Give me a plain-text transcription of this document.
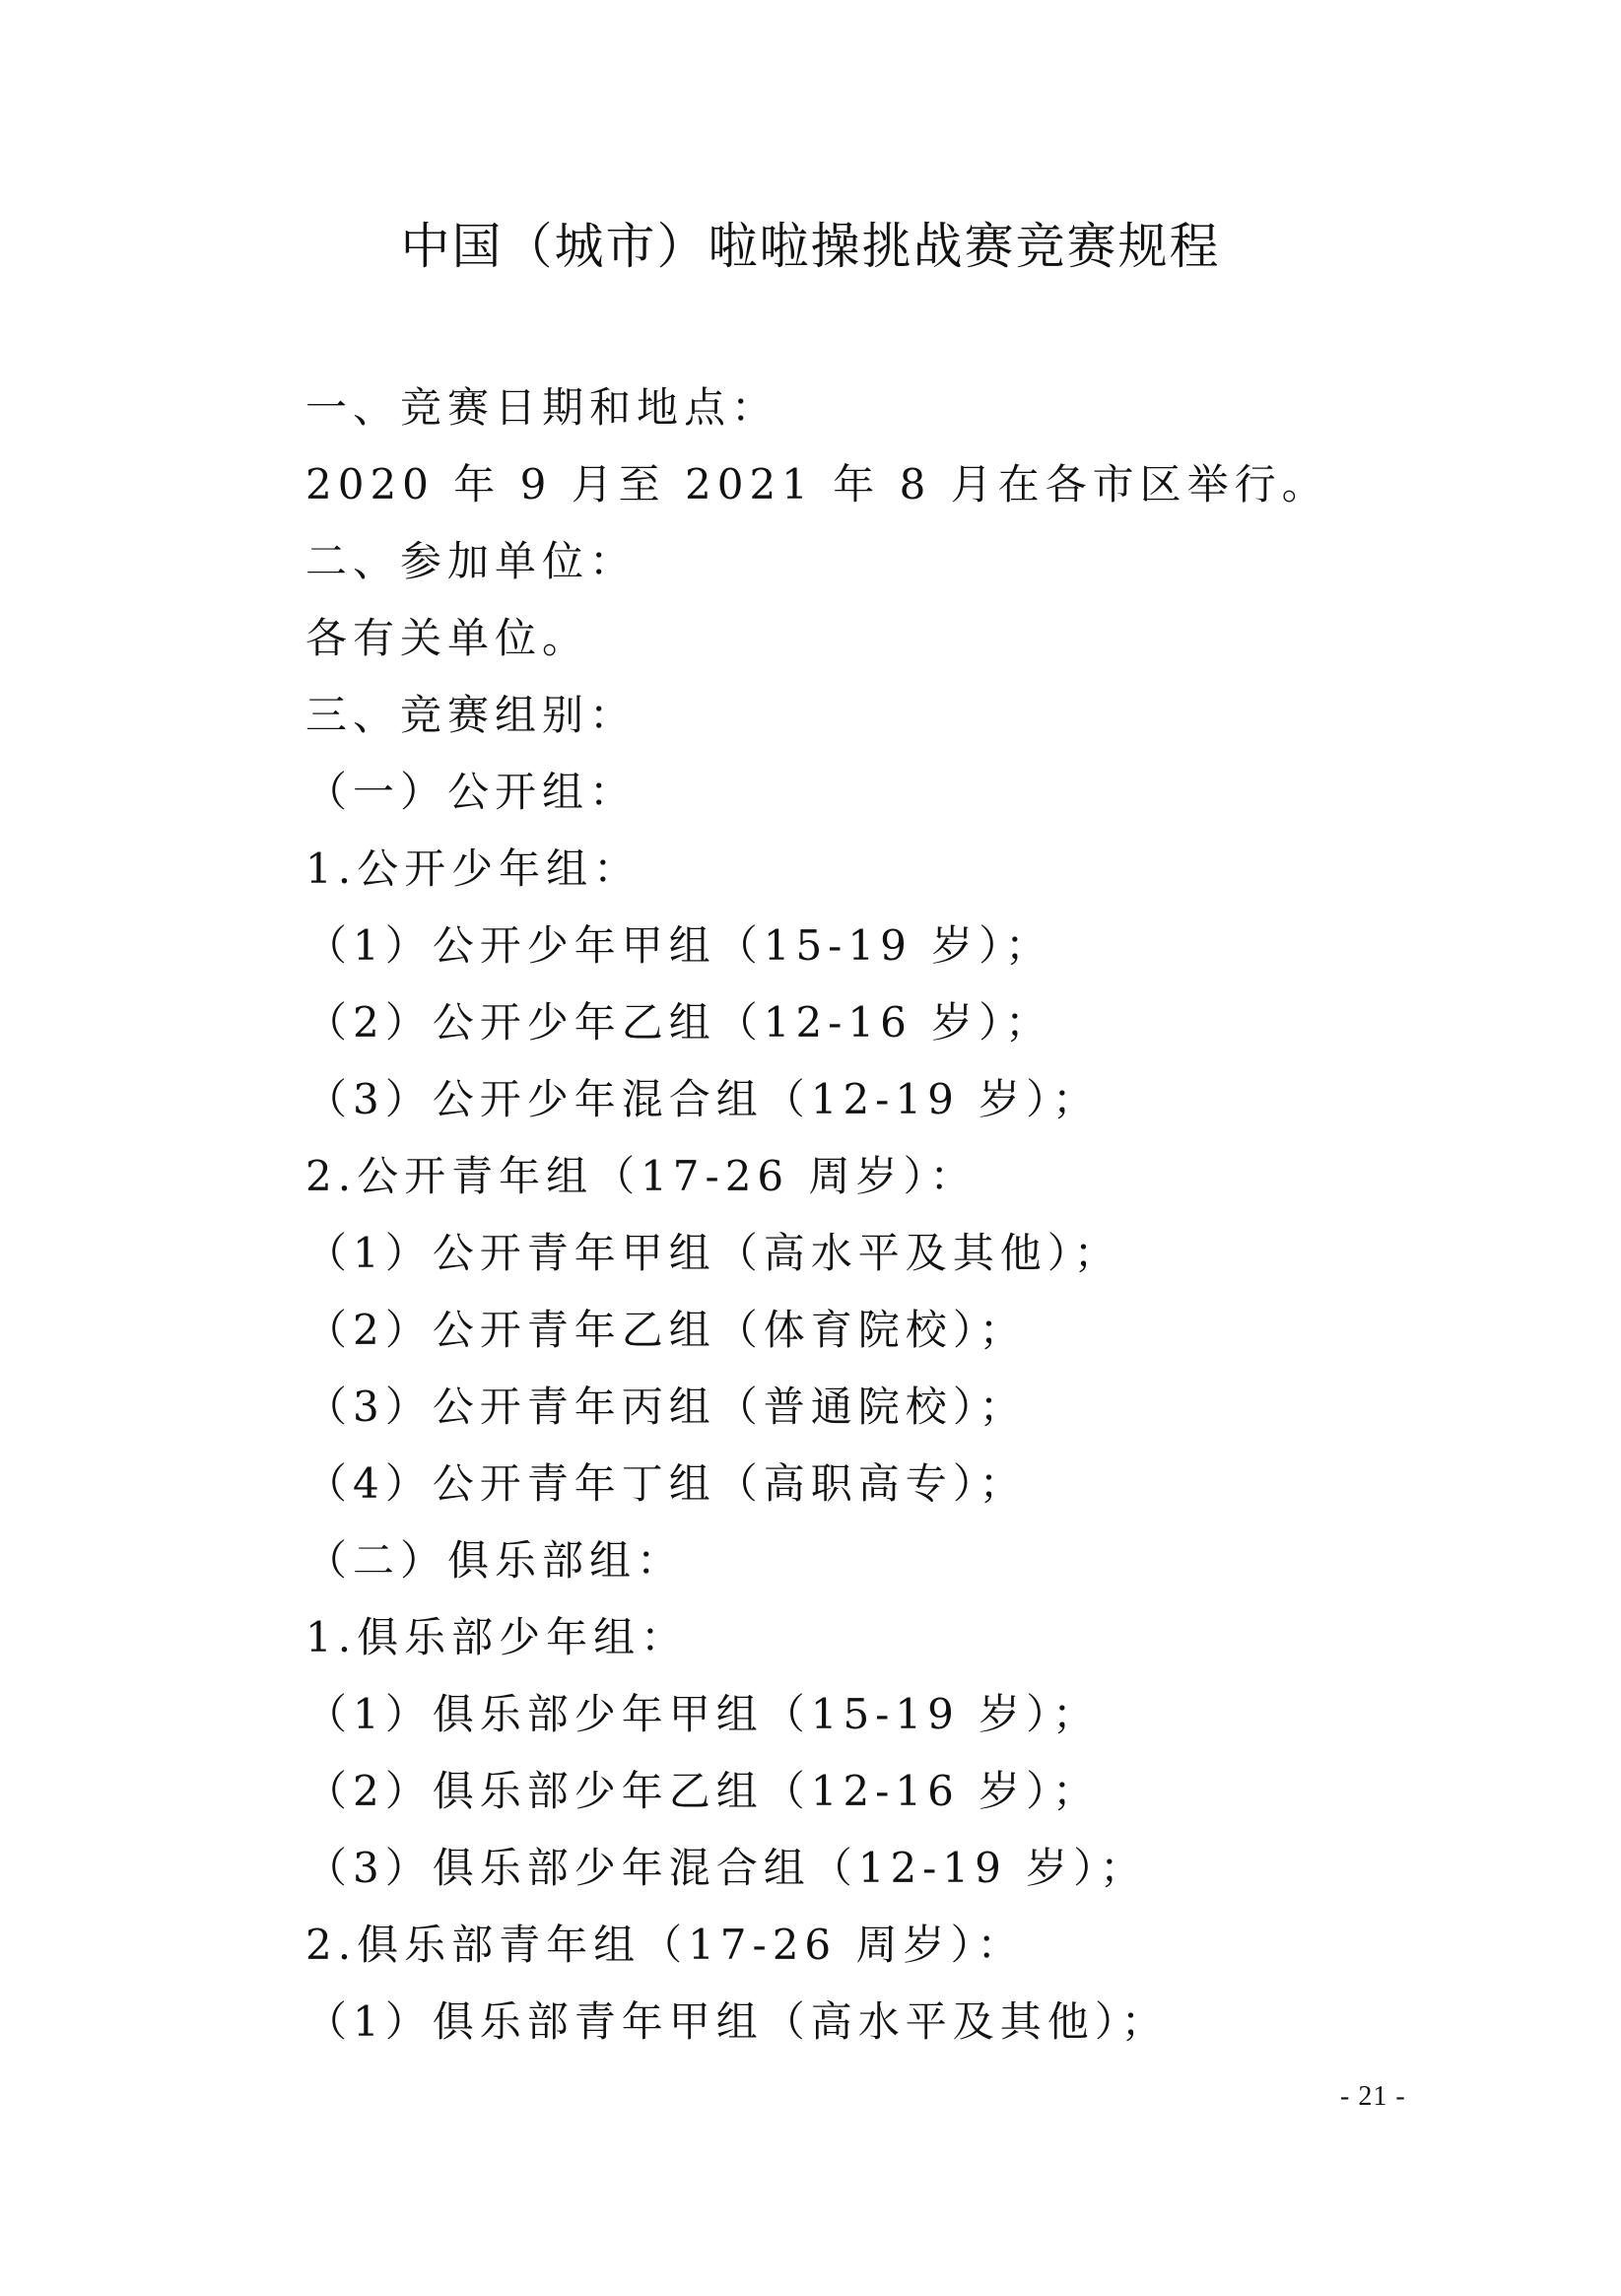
中国（城市）啦啦操挑战赛竞赛规程
一、竞赛日期和地点：
2020 年 9 月至 2021 年 8 月在各市区举行。
二、参加单位：
各有关单位。
三、竞赛组别：
（一）公开组：
1.公开少年组：
（1）公开少年甲组（15-19 岁）；
（2）公开少年乙组（12-16 岁）；
（3）公开少年混合组（12-19 岁）；
2.公开青年组（17-26 周岁）：
（1）公开青年甲组（高水平及其他）；
（2）公开青年乙组（体育院校）；
（3）公开青年丙组（普通院校）；
（4）公开青年丁组（高职高专）；
（二）俱乐部组：
1.俱乐部少年组：
（1）俱乐部少年甲组（15-19 岁）；
（2）俱乐部少年乙组（12-16 岁）；
（3）俱乐部少年混合组（12-19 岁）；
2.俱乐部青年组（17-26 周岁）：
（1）俱乐部青年甲组（高水平及其他）；
- 21 -
